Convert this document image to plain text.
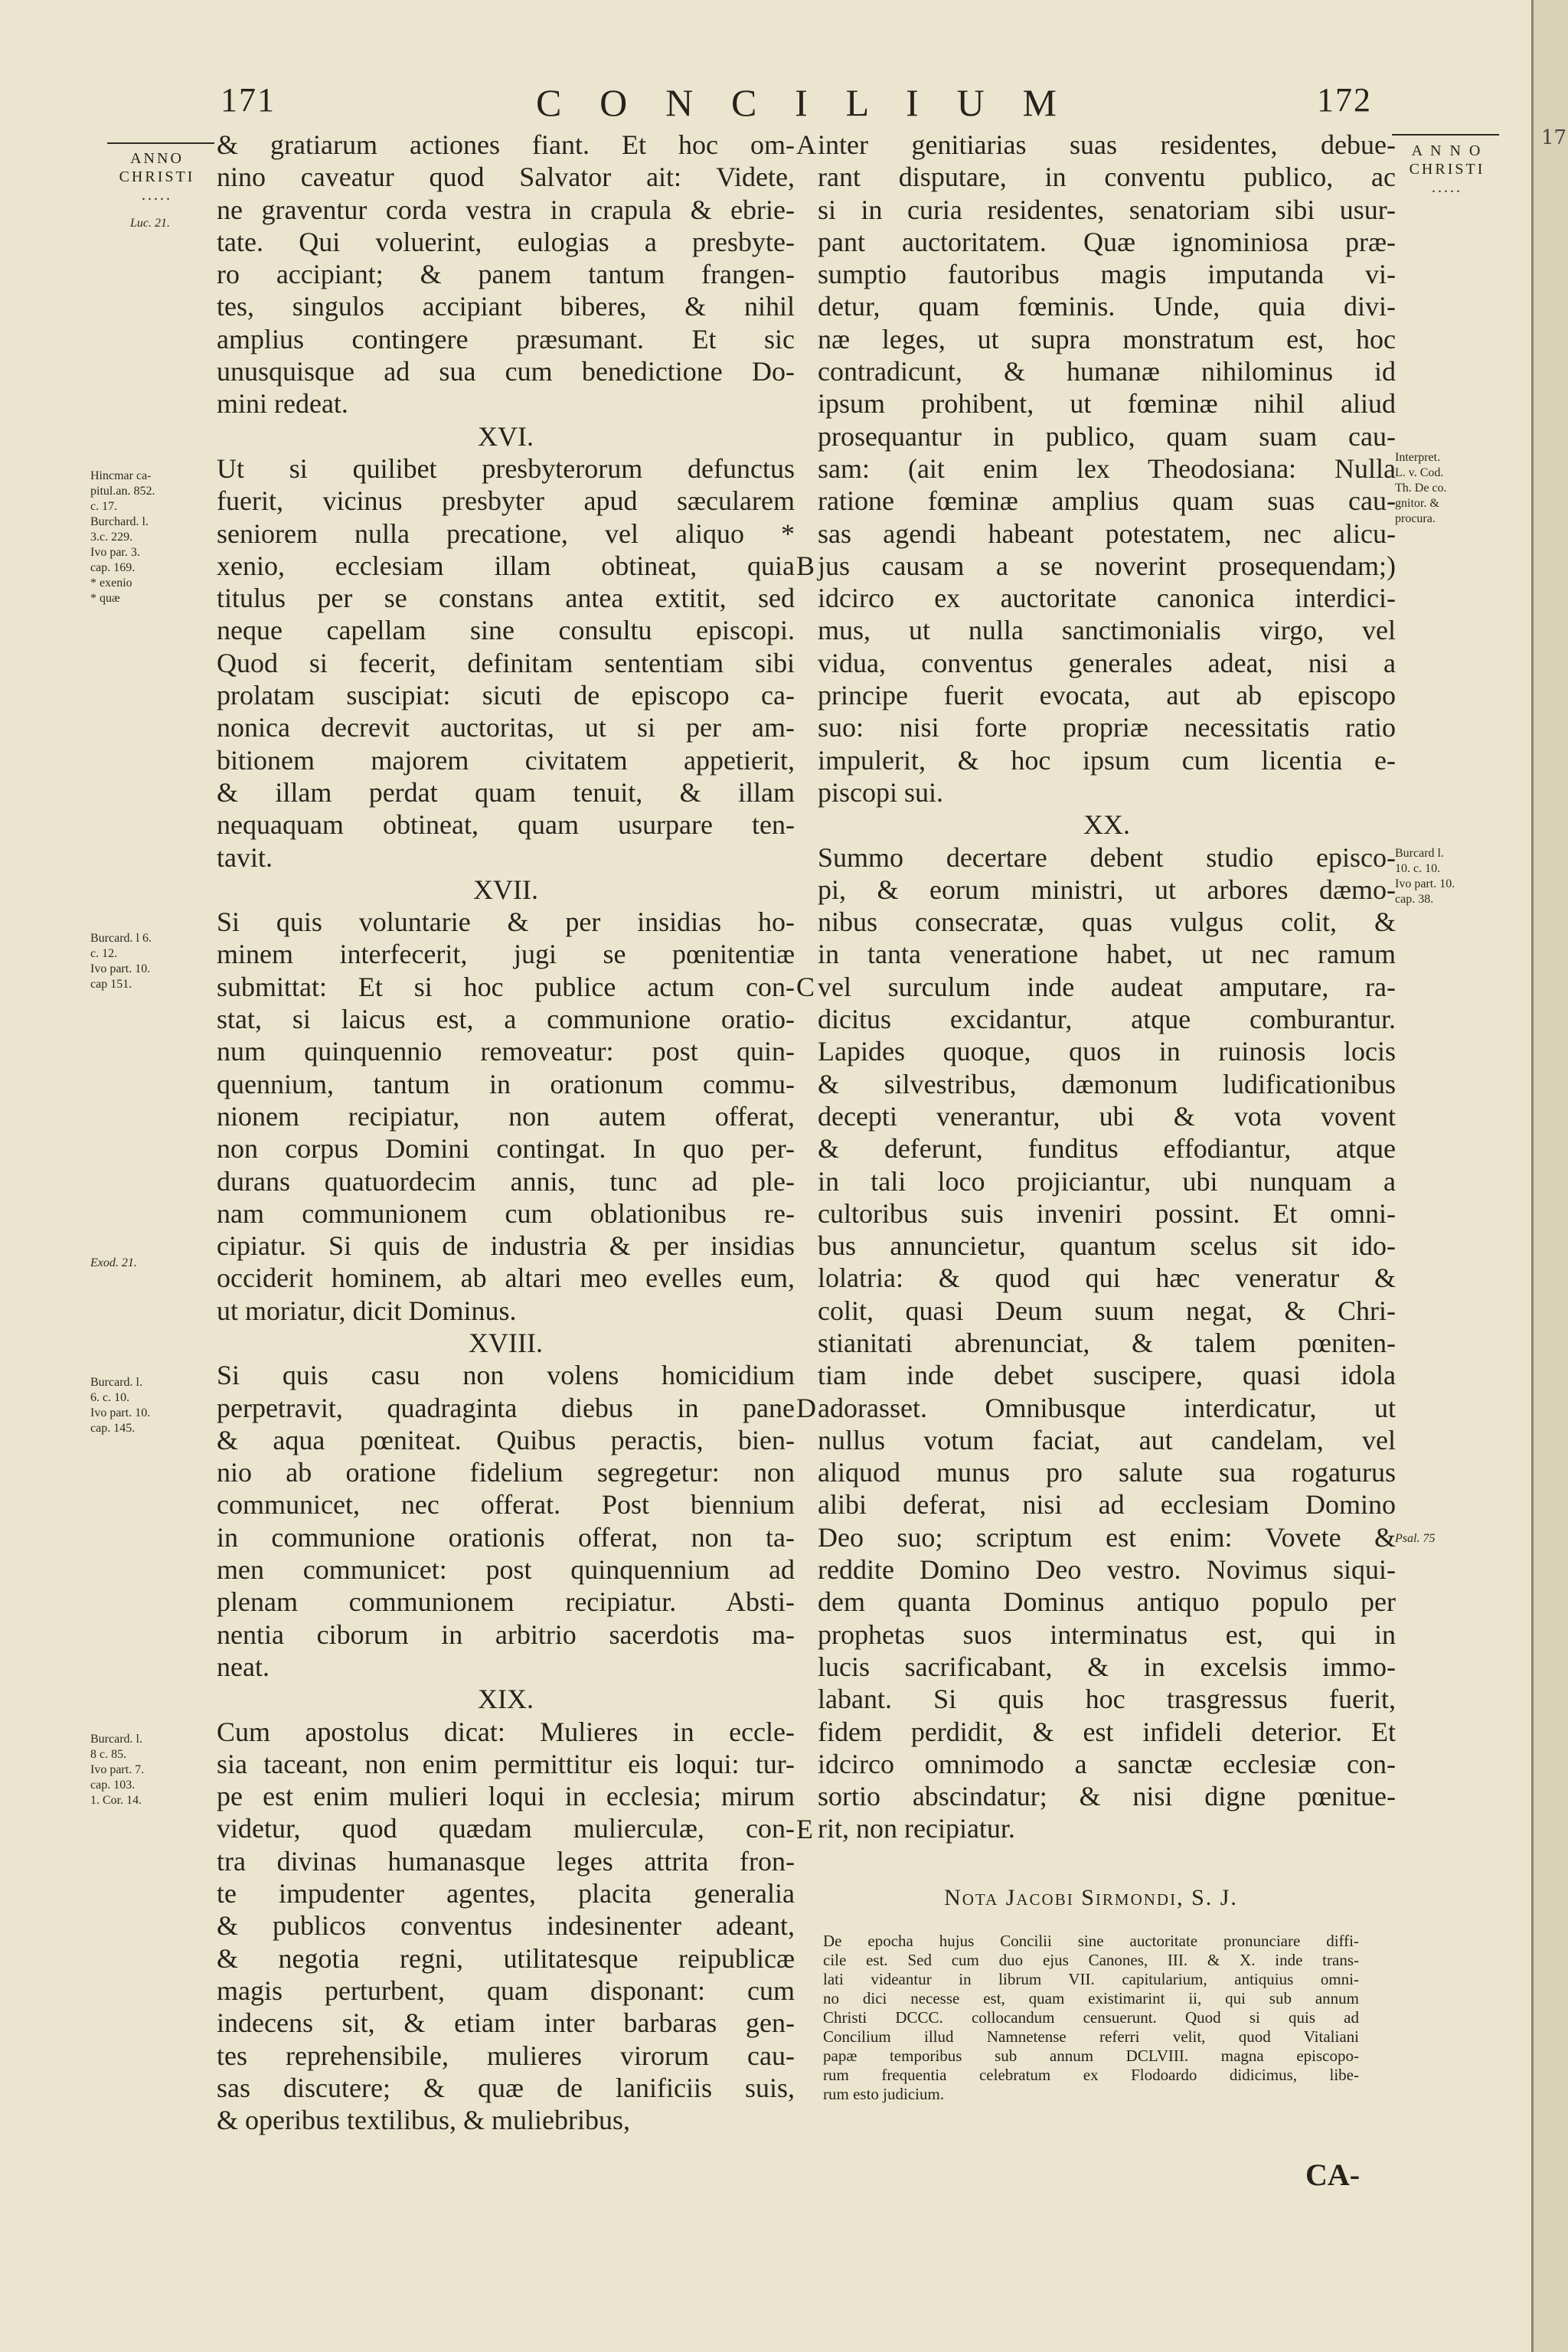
171	C O N C I L I U M	172
ANNO
CHRISTI
.....
A N N O
CHRISTI
.....
& gratiarum actiones fiant. Et hoc om-
nino caveatur quod Salvator ait: Videte,
ne graventur corda vestra in crapula & ebrie-
tate. Qui voluerint, eulogias a presbyte-
ro accipiant; & panem tantum frangen-
tes, singulos accipiant biberes, & nihil
amplius contingere præsumant. Et sic
unusquisque ad sua cum benedictione Do-
mini redeat.
XVI.
Ut si quilibet presbyterorum defunctus
fuerit, vicinus presbyter apud sæcularem
seniorem nulla precatione, vel aliquo *
xenio, ecclesiam illam obtineat, quia
titulus per se constans antea extitit, sed
neque capellam sine consultu episcopi.
Quod si fecerit, definitam sententiam sibi
prolatam suscipiat: sicuti de episcopo ca-
nonica decrevit auctoritas, ut si per am-
bitionem majorem civitatem appetierit,
& illam perdat quam tenuit, & illam
nequaquam obtineat, quam usurpare ten-
tavit.
XVII.
Si quis voluntarie & per insidias ho-
minem interfecerit, jugi se pœnitentiæ
submittat: Et si hoc publice actum con-
stat, si laicus est, a communione oratio-
num quinquennio removeatur: post quin-
quennium, tantum in orationum commu-
nionem recipiatur, non autem offerat,
non corpus Domini contingat. In quo per-
durans quatuordecim annis, tunc ad ple-
nam communionem cum oblationibus re-
cipiatur. Si quis de industria & per insidias
occiderit hominem, ab altari meo evelles eum,
ut moriatur, dicit Dominus.
XVIII.
Si quis casu non volens homicidium
perpetravit, quadraginta diebus in pane
& aqua pœniteat. Quibus peractis, bien-
nio ab oratione fidelium segregetur: non
communicet, nec offerat. Post biennium
in communione orationis offerat, non ta-
men communicet: post quinquennium ad
plenam communionem recipiatur. Absti-
nentia ciborum in arbitrio sacerdotis ma-
neat.
XIX.
Cum apostolus dicat: Mulieres in eccle-
sia taceant, non enim permittitur eis loqui: tur-
pe est enim mulieri loqui in ecclesia; mirum
videtur, quod quædam mulierculæ, con-
tra divinas humanasque leges attrita fron-
te impudenter agentes, placita generalia
& publicos conventus indesinenter adeant,
& negotia regni, utilitatesque reipublicæ
magis perturbent, quam disponant: cum
indecens sit, & etiam inter barbaras gen-
tes reprehensibile, mulieres virorum cau-
sas discutere; & quæ de lanificiis suis,
& operibus textilibus, & muliebribus,
inter genitiarias suas residentes, debue-
rant disputare, in conventu publico, ac
si in curia residentes, senatoriam sibi usur-
pant auctoritatem. Quæ ignominiosa præ-
sumptio fautoribus magis imputanda vi-
detur, quam fœminis. Unde, quia divi-
næ leges, ut supra monstratum est, hoc
contradicunt, & humanæ nihilominus id
ipsum prohibent, ut fœminæ nihil aliud
prosequantur in publico, quam suam cau-
sam: (ait enim lex Theodosiana: Nulla
ratione fœminæ amplius quam suas cau-
sas agendi habeant potestatem, nec alicu-
jus causam a se noverint prosequendam;)
idcirco ex auctoritate canonica interdici-
mus, ut nulla sanctimonialis virgo, vel
vidua, conventus generales adeat, nisi a
principe fuerit evocata, aut ab episcopo
suo: nisi forte propriæ necessitatis ratio
impulerit, & hoc ipsum cum licentia e-
piscopi sui.
XX.
Summo decertare debent studio episco-
pi, & eorum ministri, ut arbores dæmo-
nibus consecratæ, quas vulgus colit, &
in tanta veneratione habet, ut nec ramum
vel surculum inde audeat amputare, ra-
dicitus excidantur, atque comburantur.
Lapides quoque, quos in ruinosis locis
& silvestribus, dæmonum ludificationibus
decepti venerantur, ubi & vota vovent
& deferunt, funditus effodiantur, atque
in tali loco projiciantur, ubi nunquam a
cultoribus suis inveniri possint. Et omni-
bus annuncietur, quantum scelus sit ido-
lolatria: & quod qui hæc veneratur &
colit, quasi Deum suum negat, & Chri-
stianitati abrenunciat, & talem pœniten-
tiam inde debet suscipere, quasi idola
adorasset. Omnibusque interdicatur, ut
nullus votum faciat, aut candelam, vel
aliquod munus pro salute sua rogaturus
alibi deferat, nisi ad ecclesiam Domino
Deo suo; scriptum est enim: Vovete &
reddite Domino Deo vestro. Novimus siqui-
dem quanta Dominus antiquo populo per
prophetas suos interminatus est, qui in
lucis sacrificabant, & in excelsis immo-
labant. Si quis hoc trasgressus fuerit,
fidem perdidit, & est infideli deterior. Et
idcirco omnimodo a sanctæ ecclesiæ con-
sortio abscindatur; & nisi digne pœnitue-
rit, non recipiatur.
A
B
C
D
E
Luc. 21.
Hincmar ca-
pitul.an. 852.
c. 17.
Burchard. l.
3.c. 229.
Ivo par. 3.
cap. 169.
* exenio
* quæ
Burcard. l 6.
c. 12.
Ivo part. 10.
cap 151.
Exod. 21.
Burcard. l.
6. c. 10.
Ivo part. 10.
cap. 145.
Burcard. l.
8 c. 85.
Ivo part. 7.
cap. 103.
1. Cor. 14.
Interpret.
L. v. Cod.
Th. De co.
gnitor. &
procura.
Burcard l.
10. c. 10.
Ivo part. 10.
cap. 38.
Psal. 75
Nota Jacobi Sirmondi, S. J.
De epocha hujus Concilii sine auctoritate pronunciare diffi-
cile est. Sed cum duo ejus Canones, III. & X. inde trans-
lati videantur in librum VII. capitularium, antiquius omni-
no dici necesse est, quam existimarint ii, qui sub annum
Christi DCCC. collocandum censuerunt. Quod si quis ad
Concilium illud Namnetense referri velit, quod Vitaliani
papæ temporibus sub annum DCLVIII. magna episcopo-
rum frequentia celebratum ex Flodoardo didicimus, libe-
rum esto judicium.
CA-
17
